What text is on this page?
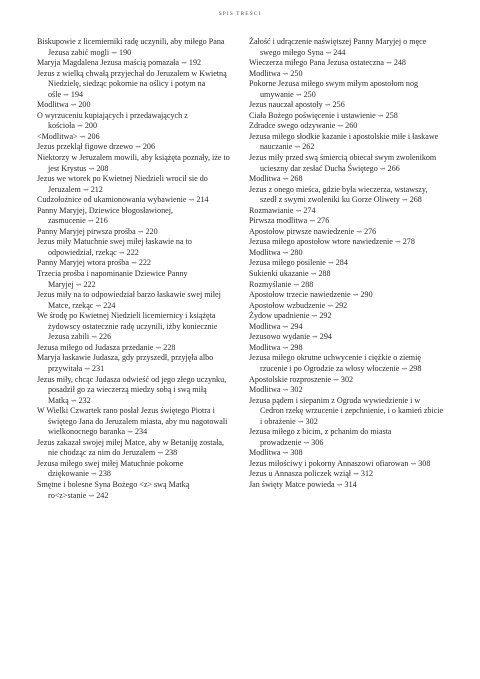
SPIS TREŚCI

Biskupowie z licemiernikí radę uczynili, aby miłego Pana Jezusa zabić mogli ⇝ 190

Maryja Magdalena Jezusa maścią pomazała ⇝ 192

Jezus z wielką chwałą przyjechał do Jeruzalem w Kwietną Niedzielę, siedząc pokornie na oślicy i potym na ośle ⇝ 194

Modlitwa ⇝ 200

O wyrzuceniu kupiających i przedawających z kościoła ⇝ 200

<Modlitwa> ⇝ 206

Jezus przeklął figowe drzewo ⇝ 206

Niektorzy w Jeruzalem mowili, aby książęta poznały, iże to jest Krystus ⇝ 208

Jezus we wtorek po Kwietnej Niedzieli wrocił sie do Jeruzalem ⇝ 212

Cudzołożnice od ukamionowania wybawienie ⇝ 214

Panny Maryjej, Dziewice błogosławionej, zasmucenie ⇝ 216

Panny Maryjej pirwsza prośba ⇝ 220

Jezus miły Matuchnie swej miłej łaskawie na to odpowiedział, rzekąc ⇝ 222

Panny Maryjej wtora prośba ⇝ 222

Trzecia prośba i napominanie Dziewice Panny Maryjej ⇝ 222

Jezus miły na to odpowiedział barzo łaskawie swej miłej Matce, rzekąc ⇝ 224

We środę po Kwietnej Niedzieli licemiernicy i książęta żydowscy ostatecznie radę uczynili, iżby koniecznie Jezusa zabili ⇝ 226

Jezusa miłego od Judasza przedanie ⇝ 228

Maryja łaskawie Judasza, gdy przyszedł, przyjęła albo przywitała ⇝ 231

Jezus miły, chcąc Judasza odwieść od jego złego uczynku, posadził go za wieczerzą miedzy sobą i swą miłą Matką ⇝ 232

W Wielki Czwartek rano posłał Jezus świętego Piotra i świętego Jana do Jeruzalem miasta, aby mu nagotowali wielkonocnego baranka ⇝ 234

Jezus zakazał swojej miłej Matce, aby w Betaniję została, nie chodząc za nim do Jeruzalem ⇝ 238

Jezusa miłego swej miłej Matuchnie pokorne dziękowanie ⇝ 238

Smętne i bolesne Syna Bożego <z> swą Matką ro<z>stanie ⇝ 242

Żałość i udrączenie naświętszej Panny Maryjej o męce swego miłego Syna ⇝ 244

Wieczerza miłego Pana Jezusa ostateczna ⇝ 248

Modlitwa ⇝ 250

Pokorne Jezusa miłego swym miłym apostołom nog umywanie ⇝ 250

Jezus nauczał apostoły ⇝ 256

Ciała Bożego poświęcenie i ustawienie ⇝ 258

Zdradce swego odzywanie ⇝ 260

Jezusa miłego słodkie kazanie i apostolskie miłe i łaskawe nauczanie ⇝ 262

Jezus miły przed swą śmiercią obiecał swym zwolenikom ucieszny dar zesłać Ducha Świętego ⇝ 266

Modlitwa ⇝ 268

Jezus z onego mieśca, gdzie była wieczerza, wstawszy, szedł z swymi zwoleniki ku Gorze Oliwety ⇝ 268

Rozmawianie ⇝ 274

Pirwsza modlitwa ⇝ 276

Apostołow pirwsze nawiedzenie ⇝ 276

Jezusa miłego apostołow wtore nawiedzenie ⇝ 278

Modlitwa ⇝ 280

Jezusa miłego posilenie ⇝ 284

Sukienki ukazanie ⇝ 288

Rozmyślanie ⇝ 288

Apostołow trzecie nawiedzenie ⇝ 290

Apostołow wzbudzenie ⇝ 292

Żydow upadnienie ⇝ 292

Modlitwa ⇝ 294

Jezusowo wydanie ⇝ 294

Modlitwa ⇝ 298

Jezusa miłego okrutne uchwycenie i ciężkie o ziemię rzucenie i po Ogrodzie za włosy włoczenie ⇝ 298

Apostolskie rozproszenie ⇝ 302

Modlitwa ⇝ 302

Jezusa pądem i siepanim z Ogroda wywiedzienie i w Cedron rzekę wrzucenie i zepchnienie, i o kamień zbicie i obrażenie ⇝ 302

Jezusa miłego z bicim, z pchanim do miasta prowadzenie ⇝ 306

Modlitwa ⇝ 308

Jezus miłościwy i pokorny Annaszowi ofiarowan ⇝ 308

Jezus u Annasza policzek wziął ⇝ 312

Jan święty Matce powieda ⇝ 314
